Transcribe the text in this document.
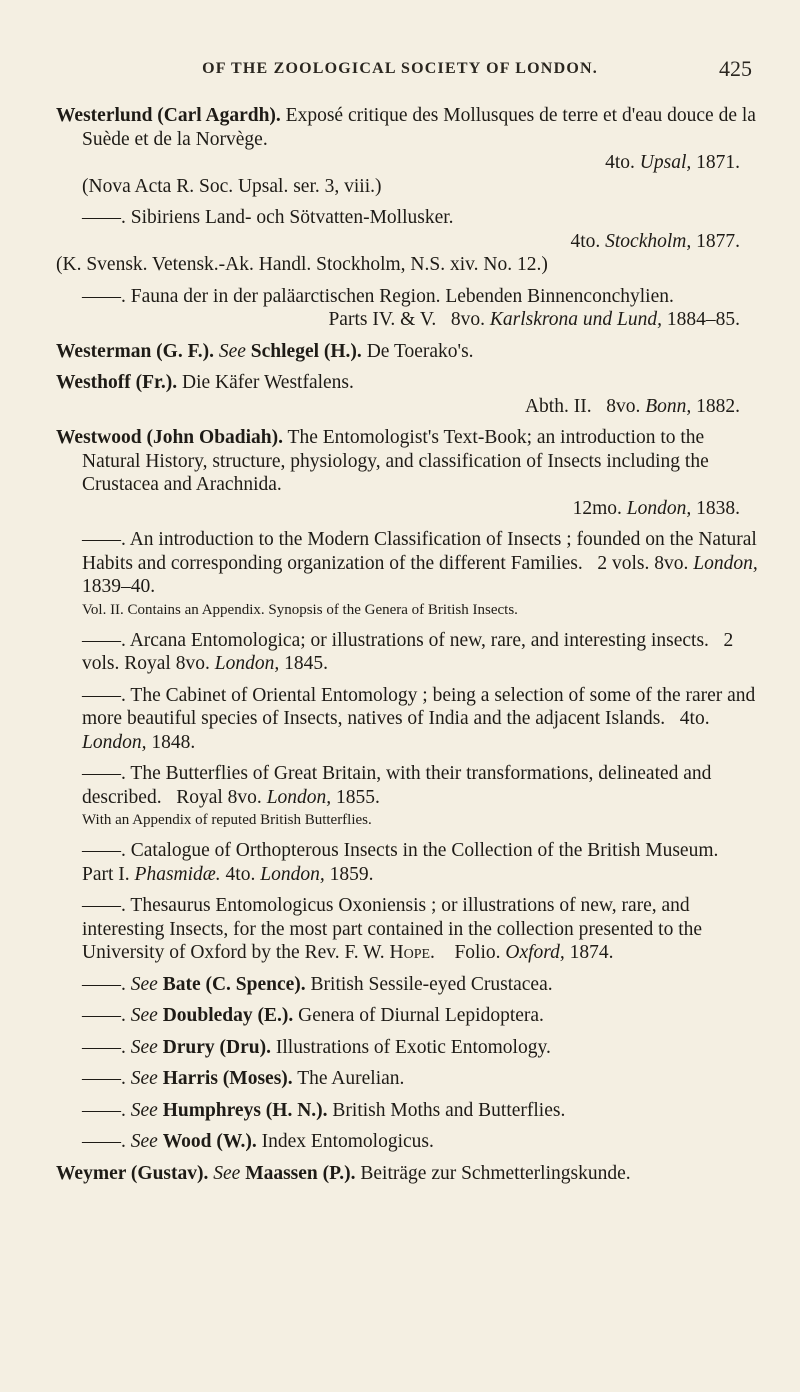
OF THE ZOOLOGICAL SOCIETY OF LONDON.	425

Westerlund (Carl Agardh). Exposé critique des Mollusques de terre et d'eau douce de la Suède et de la Norvège.

4to. Upsal, 1871.

(Nova Acta R. Soc. Upsal. ser. 3, viii.)

——. Sibiriens Land- och Sötvatten-Mollusker.

4to. Stockholm, 1877.

(K. Svensk. Vetensk.-Ak. Handl. Stockholm, N.S. xiv. No. 12.)

——. Fauna der in der paläarctischen Region. Lebenden Binnenconchylien.

Parts IV. & V. 8vo. Karlskrona und Lund, 1884–85.

Westerman (G. F.). See Schlegel (H.). De Toerako's.

Westhoff (Fr.). Die Käfer Westfalens.

Abth. II. 8vo. Bonn, 1882.

Westwood (John Obadiah). The Entomologist's Text-Book; an introduction to the Natural History, structure, physiology, and classification of Insects including the Crustacea and Arachnida.

12mo. London, 1838.

——. An introduction to the Modern Classification of Insects ; founded on the Natural Habits and corresponding organization of the different Families. 2 vols. 8vo. London, 1839–40.

Vol. II. Contains an Appendix. Synopsis of the Genera of British Insects.

——. Arcana Entomologica; or illustrations of new, rare, and interesting insects. 2 vols. Royal 8vo. London, 1845.

——. The Cabinet of Oriental Entomology ; being a selection of some of the rarer and more beautiful species of Insects, natives of India and the adjacent Islands. 4to. London, 1848.

——. The Butterflies of Great Britain, with their transformations, delineated and described. Royal 8vo. London, 1855.

With an Appendix of reputed British Butterflies.

——. Catalogue of Orthopterous Insects in the Collection of the British Museum.   Part I. Phasmidæ. 4to. London, 1859.

——. Thesaurus Entomologicus Oxoniensis ; or illustrations of new, rare, and interesting Insects, for the most part contained in the collection presented to the University of Oxford by the Rev. F. W. Hope. Folio. Oxford, 1874.

——. See Bate (C. Spence). British Sessile-eyed Crustacea.

——. See Doubleday (E.). Genera of Diurnal Lepidoptera.

——. See Drury (Dru). Illustrations of Exotic Entomology.

——. See Harris (Moses). The Aurelian.

——. See Humphreys (H. N.). British Moths and Butterflies.

——. See Wood (W.). Index Entomologicus.

Weymer (Gustav). See Maassen (P.). Beiträge zur Schmetterlingskunde.
